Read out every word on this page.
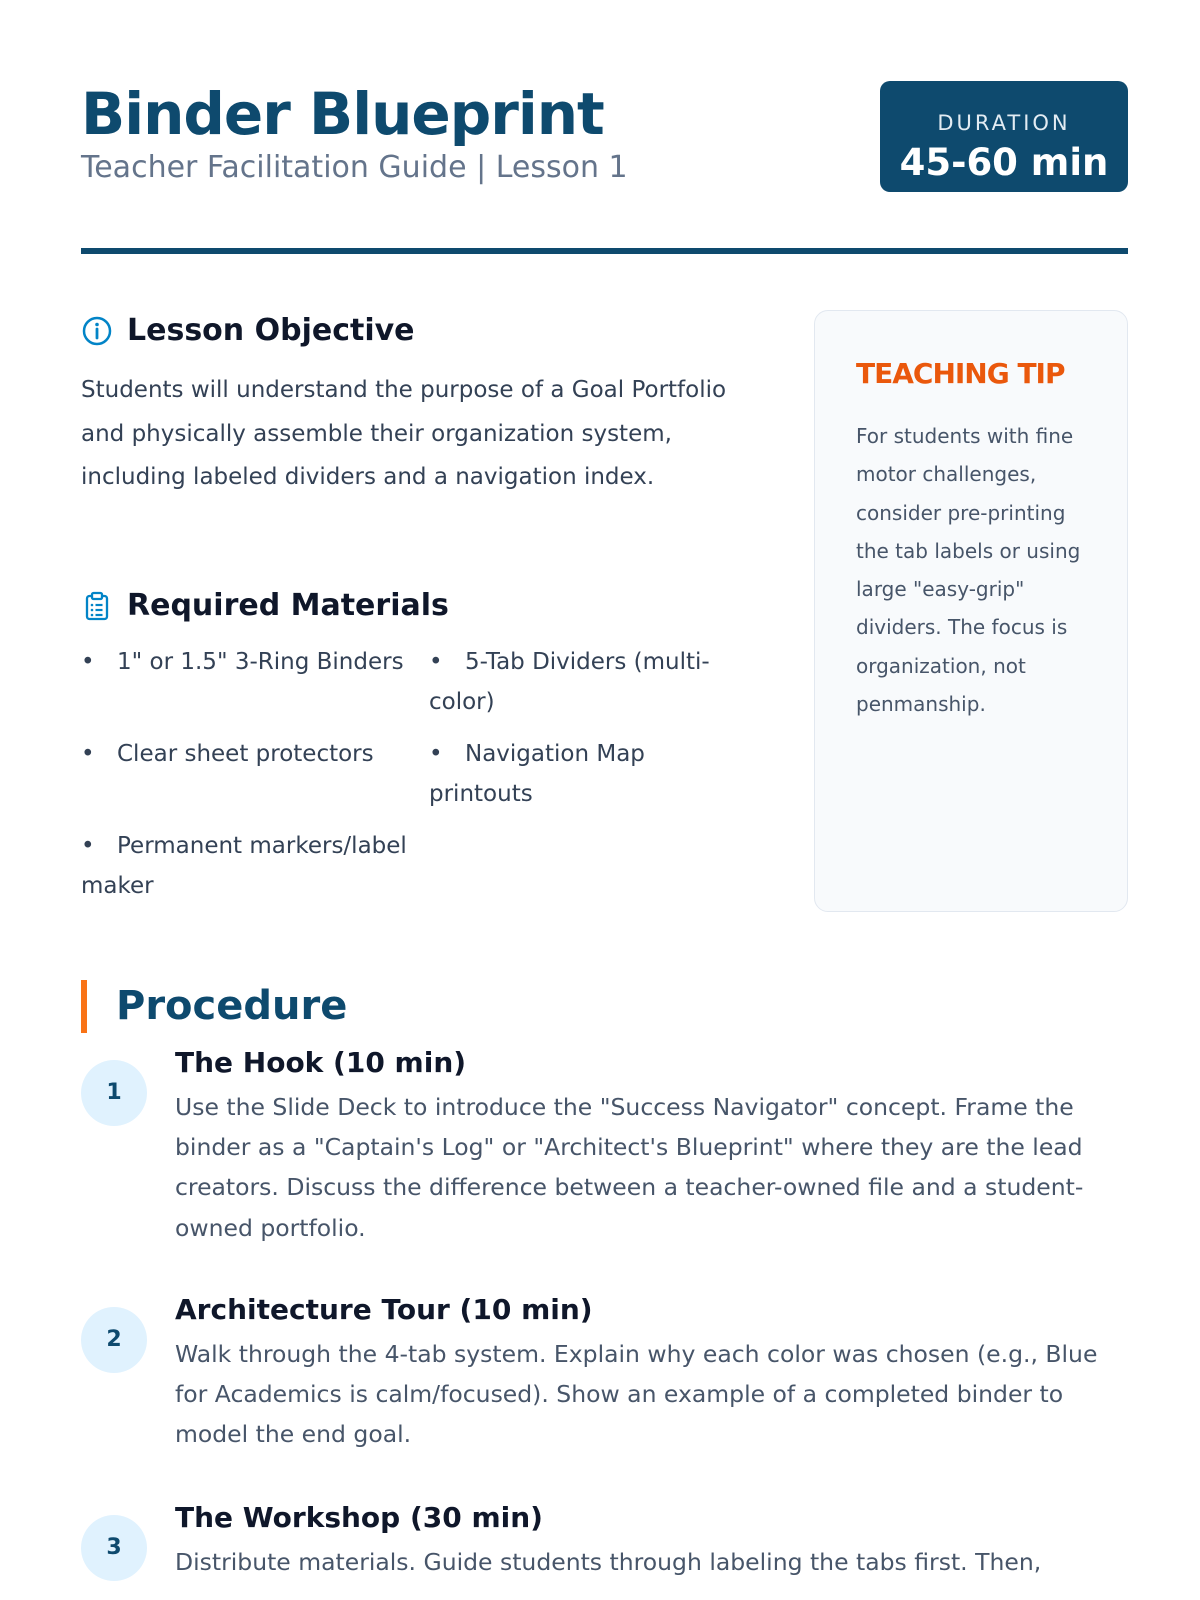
Binder Blueprint
Teacher Facilitation Guide | Lesson 1
DURATION
45-60 min
Lesson Objective
Students will understand the purpose of a Goal Portfolio and physically assemble their organization system, including labeled dividers and a navigation index.
Required Materials
• 1" or 1.5" 3-Ring Binders	• 5-Tab Dividers (multi-color)
• Clear sheet protectors	• Navigation Map printouts
• Permanent markers/label maker
TEACHING TIP
For students with fine motor challenges, consider pre-printing the tab labels or using large "easy-grip" dividers. The focus is organization, not penmanship.
Procedure
1
The Hook (10 min)
Use the Slide Deck to introduce the "Success Navigator" concept. Frame the binder as a "Captain's Log" or "Architect's Blueprint" where they are the lead creators. Discuss the difference between a teacher-owned file and a student-owned portfolio.
2
Architecture Tour (10 min)
Walk through the 4-tab system. Explain why each color was chosen (e.g., Blue for Academics is calm/focused). Show an example of a completed binder to model the end goal.
3
The Workshop (30 min)
Distribute materials. Guide students through labeling the tabs first. Then,
